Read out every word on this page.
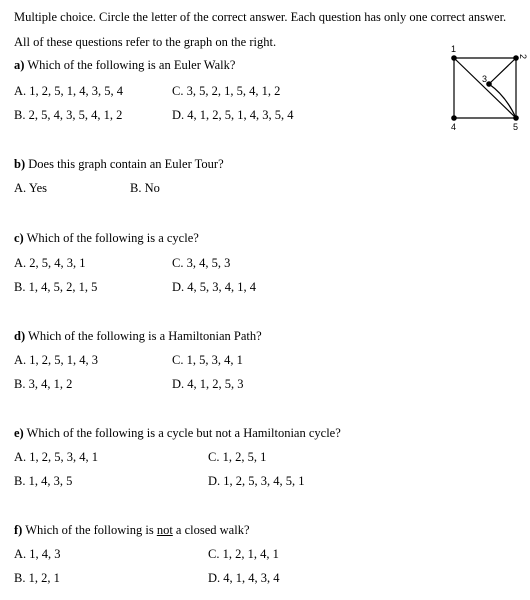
Multiple choice. Circle the letter of the correct answer. Each question has only one correct answer.
All of these questions refer to the graph on the right.	1
2
3
4	5
a) Which of the following is an Euler Walk?
A. 1, 2, 5, 1, 4, 3, 5, 4	C. 3, 5, 2, 1, 5, 4, 1, 2
B. 2, 5, 4, 3, 5, 4, 1, 2	D. 4, 1, 2, 5, 1, 4, 3, 5, 4
b) Does this graph contain an Euler Tour?
A. Yes	B. No
c) Which of the following is a cycle?
A. 2, 5, 4, 3, 1	C. 3, 4, 5, 3
B. 1, 4, 5, 2, 1, 5	D. 4, 5, 3, 4, 1, 4
d) Which of the following is a Hamiltonian Path?
A. 1, 2, 5, 1, 4, 3	C. 1, 5, 3, 4, 1
B. 3, 4, 1, 2	D. 4, 1, 2, 5, 3
e) Which of the following is a cycle but not a Hamiltonian cycle?
A. 1, 2, 5, 3, 4, 1	C. 1, 2, 5, 1
B. 1, 4, 3, 5	D. 1, 2, 5, 3, 4, 5, 1
f) Which of the following is not a closed walk?
A. 1, 4, 3	C. 1, 2, 1, 4, 1
B. 1, 2, 1	D. 4, 1, 4, 3, 4
